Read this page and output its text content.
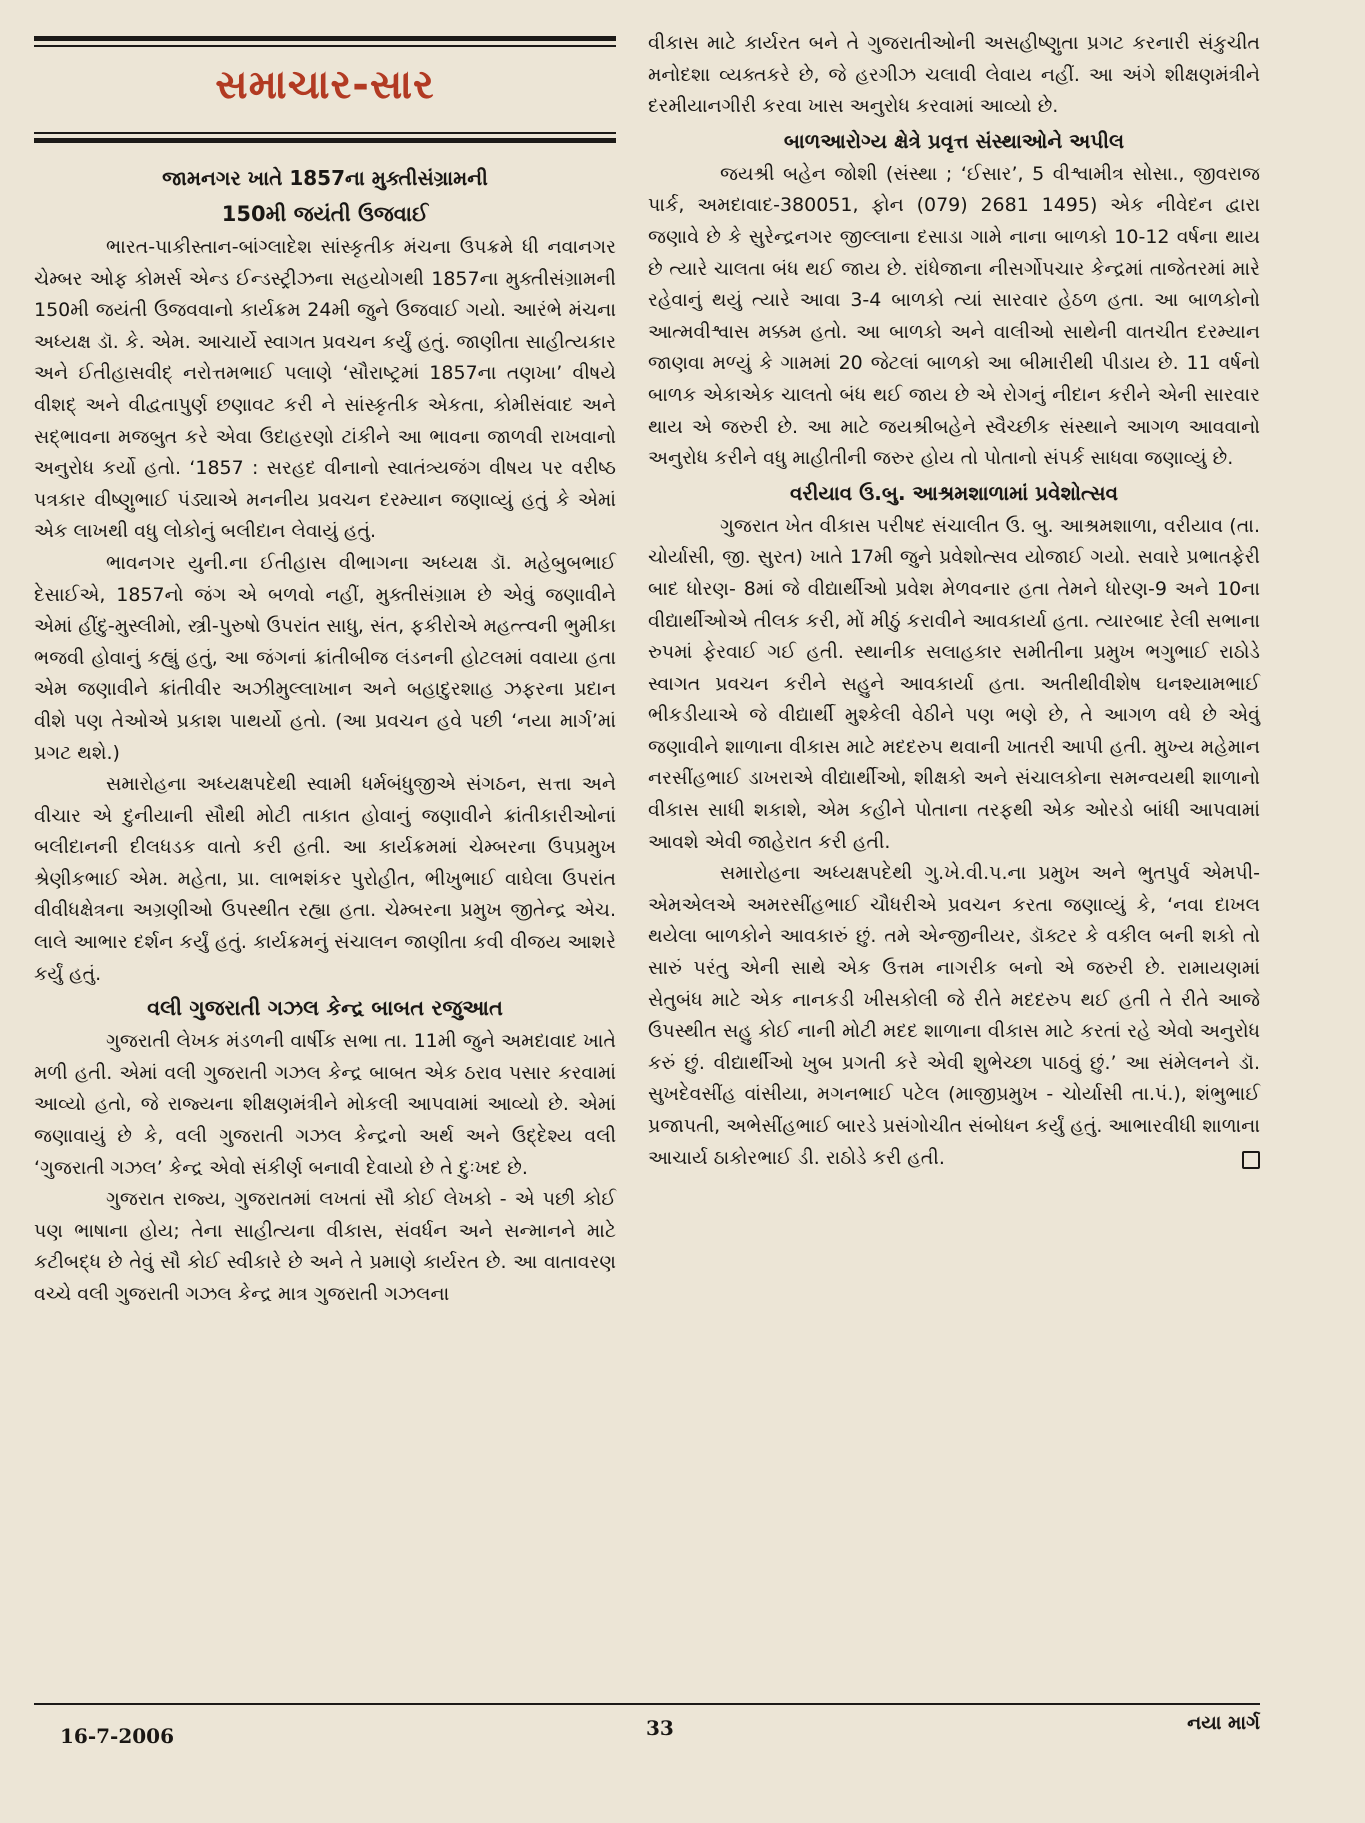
સમાચાર-સાર

જામનગર ખાતે 1857ના મુક્તીસંગ્રામની

150મી જયંતી ઉજવાઈ

ભારત-પાકીસ્તાન-બાંગ્લાદેશ સાંસ્કૃતીક મંચના ઉપક્રમે ધી નવાનગર ચેમ્બર ઓફ કોમર્સ એન્ડ ઈન્ડસ્ટ્રીઝના સહયોગથી 1857ના મુક્તીસંગ્રામની 150મી જયંતી ઉજવવાનો કાર્યક્રમ 24મી જુને ઉજવાઈ ગયો. આરંભે મંચના અધ્યક્ષ ડૉ. કે. એમ. આચાર્યે સ્વાગત પ્રવચન કર્યું હતું. જાણીતા સાહીત્યકાર અને ઈતીહાસવીદ્ નરોત્તમભાઈ પલાણે ‘સૌરાષ્ટ્રમાં 1857ના તણખા’ વીષયે વીશદ્ અને વીદ્વતાપુર્ણ છણાવટ કરી ને સાંસ્કૃતીક એકતા, કોમીસંવાદ અને સદ્ભાવના મજબુત કરે એવા ઉદાહરણો ટાંકીને આ ભાવના જાળવી રાખવાનો અનુરોધ કર્યો હતો. ‘1857 : સરહદ વીનાનો સ્વાતંત્ર્યજંગ વીષય પર વરીષ્ઠ પત્રકાર વીષ્ણુભાઈ પંડ્યાએ મનનીય પ્રવચન દરમ્યાન જણાવ્યું હતું કે એમાં એક લાખથી વધુ લોકોનું બલીદાન લેવાયું હતું.

ભાવનગર યુની.ના ઈતીહાસ વીભાગના અધ્યક્ષ ડૉ. મહેબુબભાઈ દેસાઈએ, 1857નો જંગ એ બળવો નહીં, મુક્તીસંગ્રામ છે એવું જણાવીને એમાં હીંદુ-મુસ્લીમો, સ્ત્રી-પુરુષો ઉપરાંત સાધુ, સંત, ફકીરોએ મહત્ત્વની ભુમીકા ભજવી હોવાનું કહ્યું હતું, આ જંગનાં ક્રાંતીબીજ લંડનની હોટલમાં વવાયા હતા એમ જણાવીને ક્રાંતીવીર અઝીમુલ્લાખાન અને બહાદુરશાહ ઝફરના પ્રદાન વીશે પણ તેઓએ પ્રકાશ પાથર્યો હતો. (આ પ્રવચન હવે પછી ‘નયા માર્ગ’માં પ્રગટ થશે.)

સમારોહના અધ્યક્ષપદેથી સ્વામી ધર્મબંધુજીએ સંગઠન, સત્તા અને વીચાર એ દુનીયાની સૌથી મોટી તાકાત હોવાનું જણાવીને ક્રાંતીકારીઓનાં બલીદાનની દીલધડક વાતો કરી હતી. આ કાર્યક્રમમાં ચેમ્બરના ઉપપ્રમુખ શ્રેણીકભાઈ એમ. મહેતા, પ્રા. લાભશંકર પુરોહીત, ભીખુભાઈ વાઘેલા ઉપરાંત વીવીધક્ષેત્રના અગ્રણીઓ ઉપસ્થીત રહ્યા હતા. ચેમ્બરના પ્રમુખ જીતેન્દ્ર એચ. લાલે આભાર દર્શન કર્યું હતું. કાર્યક્રમનું સંચાલન જાણીતા કવી વીજય આશરે કર્યું હતું.

વલી ગુજરાતી ગઝલ કેન્દ્ર બાબત રજુઆત

ગુજરાતી લેખક મંડળની વાર્ષીક સભા તા. 11મી જુને અમદાવાદ ખાતે મળી હતી. એમાં વલી ગુજરાતી ગઝલ કેન્દ્ર બાબત એક ઠરાવ પસાર કરવામાં આવ્યો હતો, જે રાજ્યના શીક્ષણમંત્રીને મોકલી આપવામાં આવ્યો છે. એમાં જણાવાયું છે કે, વલી ગુજરાતી ગઝલ કેન્દ્રનો અર્થ અને ઉદ્દેશ્ય વલી ‘ગુજરાતી ગઝલ’ કેન્દ્ર એવો સંકીર્ણ બનાવી દેવાયો છે તે દુઃખદ છે.

ગુજરાત રાજ્ય, ગુજરાતમાં લખતાં સૌ કોઈ લેખકો - એ પછી કોઈ પણ ભાષાના હોય; તેના સાહીત્યના વીકાસ, સંવર્ધન અને સન્માનને માટે કટીબદ્ધ છે તેવું સૌ કોઈ સ્વીકારે છે અને તે પ્રમાણે કાર્યરત છે. આ વાતાવરણ વચ્ચે વલી ગુજરાતી ગઝલ કેન્દ્ર માત્ર ગુજરાતી ગઝલના

વીકાસ માટે કાર્યરત બને તે ગુજરાતીઓની અસહીષ્ણુતા પ્રગટ કરનારી સંકુચીત મનોદશા વ્યક્તકરે છે, જે હરગીઝ ચલાવી લેવાય નહીં. આ અંગે શીક્ષણમંત્રીને દરમીયાનગીરી કરવા ખાસ અનુરોધ કરવામાં આવ્યો છે.

બાળઆરોગ્ય ક્ષેત્રે પ્રવૃત્ત સંસ્થાઓને અપીલ

જયશ્રી બહેન જોશી (સંસ્થા ; ‘ઈસાર’, 5 વીશ્વામીત્ર સોસા., જીવરાજ પાર્ક, અમદાવાદ-380051, ફોન (079) 2681 1495) એક નીવેદન દ્વારા જણાવે છે કે સુરેન્દ્રનગર જીલ્લાના દસાડા ગામે નાના બાળકો 10-12 વર્ષના થાય છે ત્યારે ચાલતા બંધ થઈ જાય છે. રાંધેજાના નીસર્ગોપચાર કેન્દ્રમાં તાજેતરમાં મારે રહેવાનું થયું ત્યારે આવા 3-4 બાળકો ત્યાં સારવાર હેઠળ હતા. આ બાળકોનો આત્મવીશ્વાસ મક્કમ હતો. આ બાળકો અને વાલીઓ સાથેની વાતચીત દરમ્યાન જાણવા મળ્યું કે ગામમાં 20 જેટલાં બાળકો આ બીમારીથી પીડાય છે. 11 વર્ષનો બાળક એકાએક ચાલતો બંધ થઈ જાય છે એ રોગનું નીદાન કરીને એની સારવાર થાય એ જરુરી છે. આ માટે જયશ્રીબહેને સ્વૈચ્છીક સંસ્થાને આગળ આવવાનો અનુરોધ કરીને વધુ માહીતીની જરુર હોય તો પોતાનો સંપર્ક સાધવા જણાવ્યું છે.

વરીયાવ ઉ.બુ. આશ્રમશાળામાં પ્રવેશોત્સવ

ગુજરાત ખેત વીકાસ પરીષદ સંચાલીત ઉ. બુ. આશ્રમશાળા, વરીયાવ (તા. ચોર્યાસી, જી. સુરત) ખાતે 17મી જુને પ્રવેશોત્સવ યોજાઈ ગયો. સવારે પ્રભાતફેરી બાદ ધોરણ- 8માં જે વીદ્યાર્થીઓ પ્રવેશ મેળવનાર હતા તેમને ધોરણ-9 અને 10ના વીદ્યાર્થીઓએ તીલક કરી, મોં મીઠું કરાવીને આવકાર્યા હતા. ત્યારબાદ રેલી સભાના રુપમાં ફેરવાઈ ગઈ હતી. સ્થાનીક સલાહકાર સમીતીના પ્રમુખ ભગુભાઈ રાઠોડે સ્વાગત પ્રવચન કરીને સહુને આવકાર્યા હતા. અતીથીવીશેષ ઘનશ્યામભાઈ ભીકડીયાએ જે વીદ્યાર્થી મુશ્કેલી વેઠીને પણ ભણે છે, તે આગળ વધે છે એવું જણાવીને શાળાના વીકાસ માટે મદદરુપ થવાની ખાતરી આપી હતી. મુખ્ય મહેમાન નરસીંહભાઈ ડાખરાએ વીદ્યાર્થીઓ, શીક્ષકો અને સંચાલકોના સમન્વયથી શાળાનો વીકાસ સાધી શકાશે, એમ કહીને પોતાના તરફથી એક ઓરડો બાંધી આપવામાં આવશે એવી જાહેરાત કરી હતી.

સમારોહના અધ્યક્ષપદેથી ગુ.ખે.વી.પ.ના પ્રમુખ અને ભુતપુર્વ એમપી-એમએલએ અમરસીંહભાઈ ચૌધરીએ પ્રવચન કરતા જણાવ્યું કે, ‘નવા દાખલ થયેલા બાળકોને આવકારું છું. તમે એન્જીનીયર, ડૉક્ટર કે વકીલ બની શકો તો સારું પરંતુ એની સાથે એક ઉત્તમ નાગરીક બનો એ જરુરી છે. રામાયણમાં સેતુબંધ માટે એક નાનકડી ખીસકોલી જે રીતે મદદરુપ થઈ હતી તે રીતે આજે ઉપસ્થીત સહુ કોઈ નાની મોટી મદદ શાળાના વીકાસ માટે કરતાં રહે એવો અનુરોધ કરું છું. વીદ્યાર્થીઓ ખુબ પ્રગતી કરે એવી શુભેચ્છા પાઠવું છું.’ આ સંમેલનને ડૉ. સુખદેવસીંહ વાંસીયા, મગનભાઈ પટેલ (માજીપ્રમુખ - ચોર્યાસી તા.પં.), શંભુભાઈ પ્રજાપતી, અભેસીંહભાઈ બારડે પ્રસંગોચીત સંબોધન કર્યું હતું. આભારવીધી શાળાના આચાર્ય ઠાકોરભાઈ ડી. રાઠોડે કરી હતી.

16-7-2006	33	નયા માર્ગ
